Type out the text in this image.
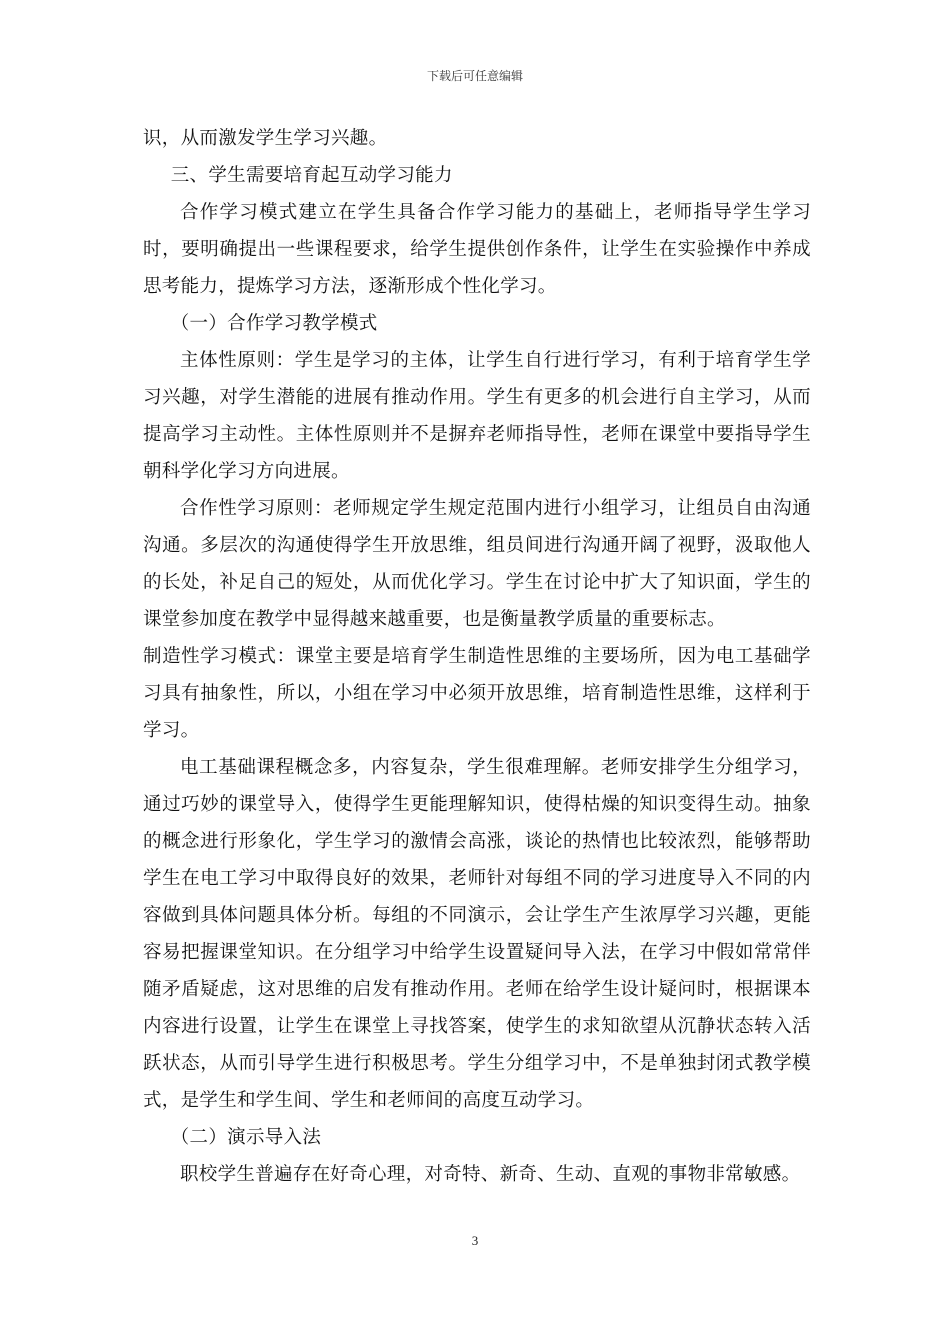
下载后可任意编辑

识，从而激发学生学习兴趣。

三、学生需要培育起互动学习能力

合作学习模式建立在学生具备合作学习能力的基础上，老师指导学生学习时，要明确提出一些课程要求，给学生提供创作条件，让学生在实验操作中养成思考能力，提炼学习方法，逐渐形成个性化学习。

（一）合作学习教学模式

主体性原则：学生是学习的主体，让学生自行进行学习，有利于培育学生学习兴趣，对学生潜能的进展有推动作用。学生有更多的机会进行自主学习，从而提高学习主动性。主体性原则并不是摒弃老师指导性，老师在课堂中要指导学生朝科学化学习方向进展。

合作性学习原则：老师规定学生规定范围内进行小组学习，让组员自由沟通沟通。多层次的沟通使得学生开放思维，组员间进行沟通开阔了视野，汲取他人的长处，补足自己的短处，从而优化学习。学生在讨论中扩大了知识面，学生的课堂参加度在教学中显得越来越重要，也是衡量教学质量的重要标志。

制造性学习模式：课堂主要是培育学生制造性思维的主要场所，因为电工基础学习具有抽象性，所以，小组在学习中必须开放思维，培育制造性思维，这样利于学习。

电工基础课程概念多，内容复杂，学生很难理解。老师安排学生分组学习，通过巧妙的课堂导入，使得学生更能理解知识，使得枯燥的知识变得生动。抽象的概念进行形象化，学生学习的激情会高涨，谈论的热情也比较浓烈，能够帮助学生在电工学习中取得良好的效果，老师针对每组不同的学习进度导入不同的内容做到具体问题具体分析。每组的不同演示，会让学生产生浓厚学习兴趣，更能容易把握课堂知识。在分组学习中给学生设置疑问导入法，在学习中假如常常伴随矛盾疑虑，这对思维的启发有推动作用。老师在给学生设计疑问时，根据课本内容进行设置，让学生在课堂上寻找答案，使学生的求知欲望从沉静状态转入活跃状态，从而引导学生进行积极思考。学生分组学习中，不是单独封闭式教学模式，是学生和学生间、学生和老师间的高度互动学习。

（二）演示导入法

职校学生普遍存在好奇心理，对奇特、新奇、生动、直观的事物非常敏感。

3
